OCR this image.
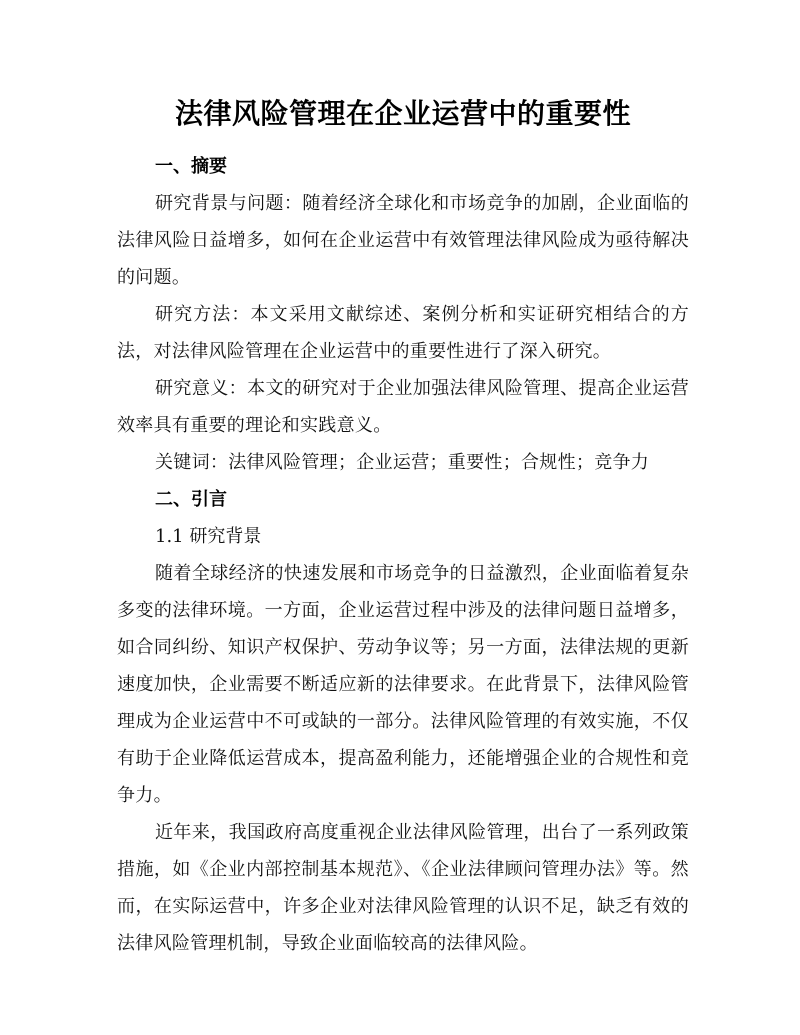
法律风险管理在企业运营中的重要性
一、摘要

研究背景与问题：随着经济全球化和市场竞争的加剧，企业面临的法律风险日益增多，如何在企业运营中有效管理法律风险成为亟待解决的问题。

研究方法：本文采用文献综述、案例分析和实证研究相结合的方法，对法律风险管理在企业运营中的重要性进行了深入研究。

研究意义：本文的研究对于企业加强法律风险管理、提高企业运营效率具有重要的理论和实践意义。

关键词：法律风险管理；企业运营；重要性；合规性；竞争力

二、引言

1.1 研究背景

随着全球经济的快速发展和市场竞争的日益激烈，企业面临着复杂多变的法律环境。一方面，企业运营过程中涉及的法律问题日益增多，如合同纠纷、知识产权保护、劳动争议等；另一方面，法律法规的更新速度加快，企业需要不断适应新的法律要求。在此背景下，法律风险管理成为企业运营中不可或缺的一部分。法律风险管理的有效实施，不仅有助于企业降低运营成本，提高盈利能力，还能增强企业的合规性和竞争力。

近年来，我国政府高度重视企业法律风险管理，出台了一系列政策措施，如《企业内部控制基本规范》、《企业法律顾问管理办法》等。然而，在实际运营中，许多企业对法律风险管理的认识不足，缺乏有效的法律风险管理机制，导致企业面临较高的法律风险。
